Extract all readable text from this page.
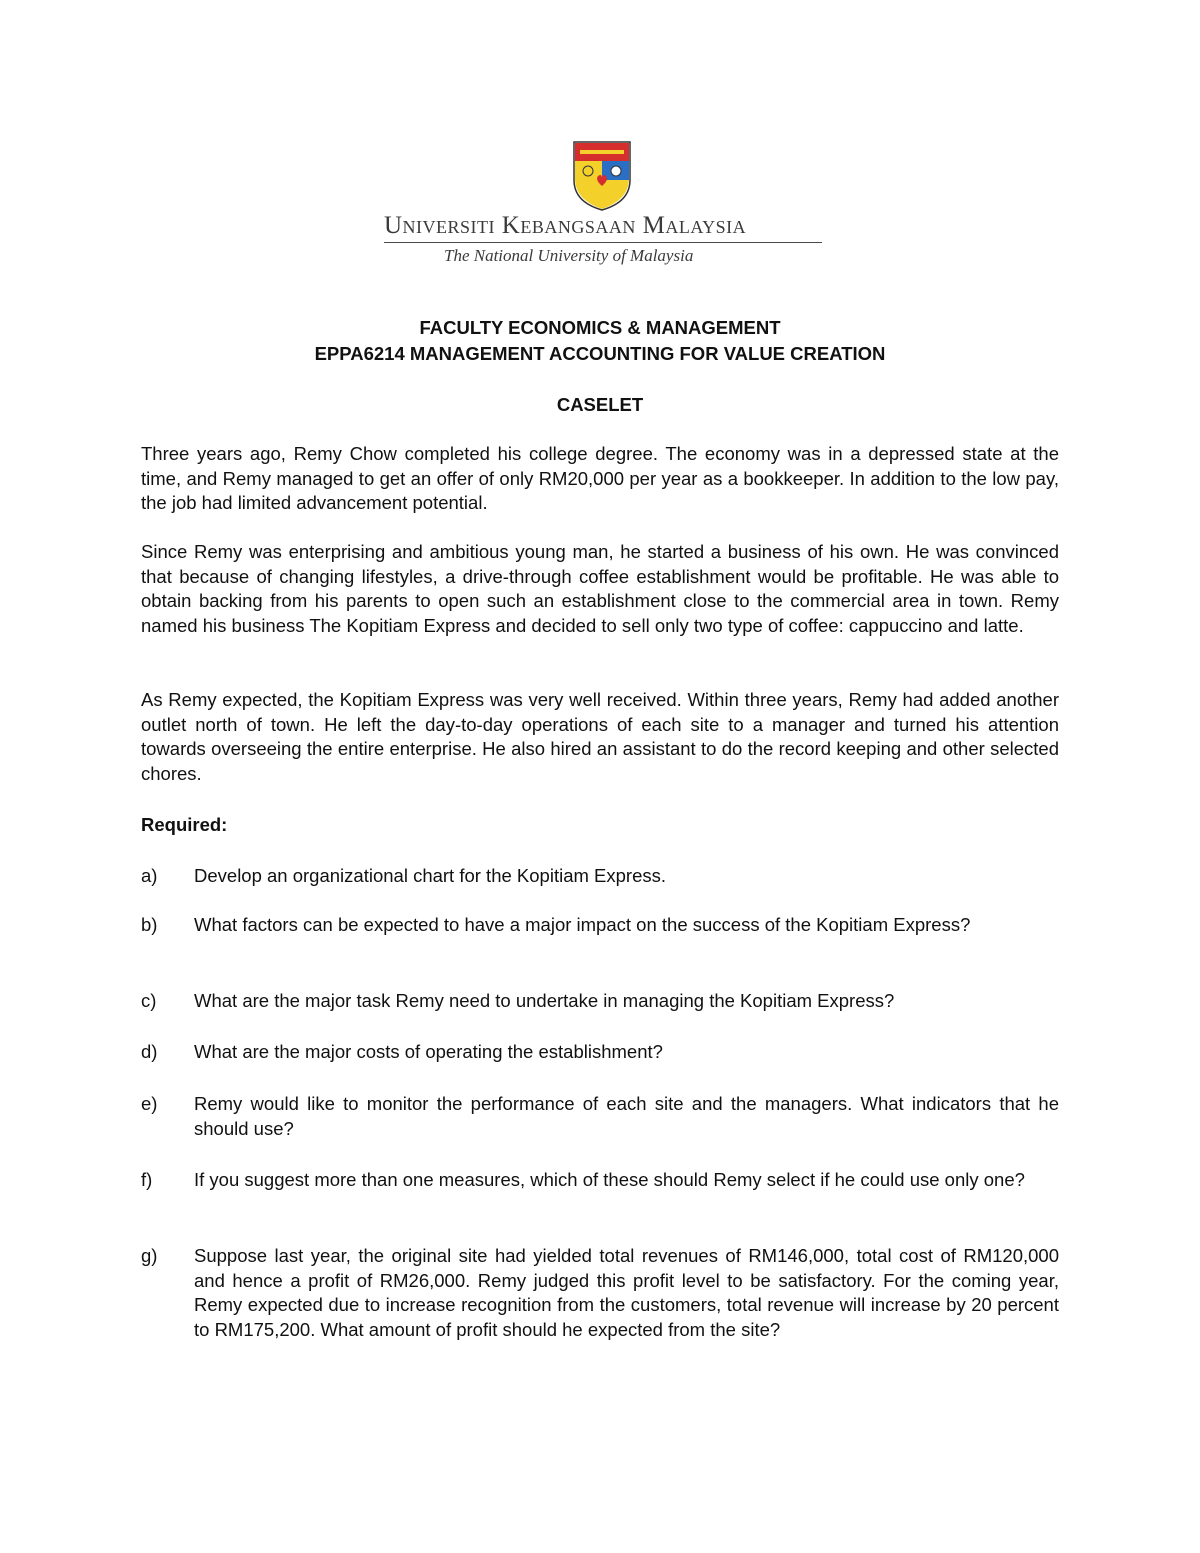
Universiti Kebangsaan Malaysia
The National University of Malaysia
FACULTY ECONOMICS & MANAGEMENT
EPPA6214 MANAGEMENT ACCOUNTING FOR VALUE CREATION
CASELET
Three years ago, Remy Chow completed his college degree. The economy was in a depressed state at the time, and Remy managed to get an offer of only RM20,000 per year as a bookkeeper. In addition to the low pay, the job had limited advancement potential.
Since Remy was enterprising and ambitious young man, he started a business of his own. He was convinced that because of changing lifestyles, a drive-through coffee establishment would be profitable. He was able to obtain backing from his parents to open such an establishment close to the commercial area in town. Remy named his business The Kopitiam Express and decided to sell only two type of coffee: cappuccino and latte.
As Remy expected, the Kopitiam Express was very well received. Within three years, Remy had added another outlet north of town. He left the day-to-day operations of each site to a manager and turned his attention towards overseeing the entire enterprise. He also hired an assistant to do the record keeping and other selected chores.
Required:
a)	Develop an organizational chart for the Kopitiam Express.
b)	What factors can be expected to have a major impact on the success of the Kopitiam Express?
c)	What are the major task Remy need to undertake in managing the Kopitiam Express?
d)	What are the major costs of operating the establishment?
e)	Remy would like to monitor the performance of each site and the managers. What indicators that he should use?
f)	If you suggest more than one measures, which of these should Remy select if he could use only one?
g)	Suppose last year, the original site had yielded total revenues of RM146,000, total cost of RM120,000 and hence a profit of RM26,000. Remy judged this profit level to be satisfactory. For the coming year, Remy expected due to increase recognition from the customers, total revenue will increase by 20 percent to RM175,200. What amount of profit should he expected from the site?
